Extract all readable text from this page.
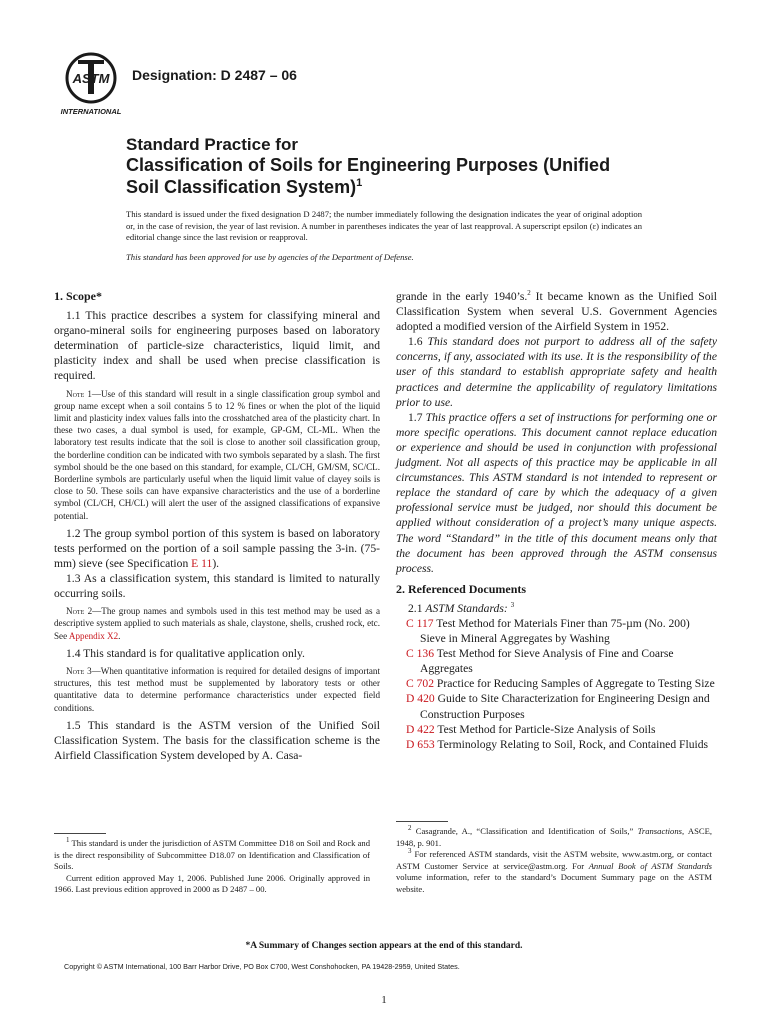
ASTM
INTERNATIONAL
Designation: D 2487 – 06
Standard Practice for
Classification of Soils for Engineering Purposes (Unified Soil Classification System)$^1$
This standard is issued under the fixed designation D 2487; the number immediately following the designation indicates the year of original adoption or, in the case of revision, the year of last revision. A number in parentheses indicates the year of last reapproval. A superscript epsilon (ε) indicates an editorial change since the last revision or reapproval.
This standard has been approved for use by agencies of the Department of Defense.
1. Scope*

1.1 This practice describes a system for classifying mineral and organo-mineral soils for engineering purposes based on laboratory determination of particle-size characteristics, liquid limit, and plasticity index and shall be used when precise classification is required.

Note 1—Use of this standard will result in a single classification group symbol and group name except when a soil contains 5 to 12 % fines or when the plot of the liquid limit and plasticity index values falls into the crosshatched area of the plasticity chart. In these two cases, a dual symbol is used, for example, GP-GM, CL-ML. When the laboratory test results indicate that the soil is close to another soil classification group, the borderline condition can be indicated with two symbols separated by a slash. The first symbol should be the one based on this standard, for example, CL/CH, GM/SM, SC/CL. Borderline symbols are particularly useful when the liquid limit value of clayey soils is close to 50. These soils can have expansive characteristics and the use of a borderline symbol (CL/CH, CH/CL) will alert the user of the assigned classifications of expansive potential.

1.2 The group symbol portion of this system is based on laboratory tests performed on the portion of a soil sample passing the 3-in. (75-mm) sieve (see Specification E 11).

1.3 As a classification system, this standard is limited to naturally occurring soils.

Note 2—The group names and symbols used in this test method may be used as a descriptive system applied to such materials as shale, claystone, shells, crushed rock, etc. See Appendix X2.

1.4 This standard is for qualitative application only.

Note 3—When quantitative information is required for detailed designs of important structures, this test method must be supplemented by laboratory tests or other quantitative data to determine performance characteristics under expected field conditions.

1.5 This standard is the ASTM version of the Unified Soil Classification System. The basis for the classification scheme is the Airfield Classification System developed by A. Casa-

grande in the early 1940’s.$^2$ It became known as the Unified Soil Classification System when several U.S. Government Agencies adopted a modified version of the Airfield System in 1952.

1.6 This standard does not purport to address all of the safety concerns, if any, associated with its use. It is the responsibility of the user of this standard to establish appropriate safety and health practices and determine the applicability of regulatory limitations prior to use.

1.7 This practice offers a set of instructions for performing one or more specific operations. This document cannot replace education or experience and should be used in conjunction with professional judgment. Not all aspects of this practice may be applicable in all circumstances. This ASTM standard is not intended to represent or replace the standard of care by which the adequacy of a given professional service must be judged, nor should this document be applied without consideration of a project’s many unique aspects. The word “Standard” in the title of this document means only that the document has been approved through the ASTM consensus process.

2. Referenced Documents

2.1 ASTM Standards: $^3$

C 117 Test Method for Materials Finer than 75-µm (No. 200) Sieve in Mineral Aggregates by Washing

C 136 Test Method for Sieve Analysis of Fine and Coarse Aggregates

C 702 Practice for Reducing Samples of Aggregate to Testing Size

D 420 Guide to Site Characterization for Engineering Design and Construction Purposes

D 422 Test Method for Particle-Size Analysis of Soils

D 653 Terminology Relating to Soil, Rock, and Contained Fluids

$^1$ This standard is under the jurisdiction of ASTM Committee D18 on Soil and Rock and is the direct responsibility of Subcommittee D18.07 on Identification and Classification of Soils.

Current edition approved May 1, 2006. Published June 2006. Originally approved in 1966. Last previous edition approved in 2000 as D 2487 – 00.

$^2$ Casagrande, A., “Classification and Identification of Soils,” Transactions, ASCE, 1948, p. 901.

$^3$ For referenced ASTM standards, visit the ASTM website, www.astm.org, or contact ASTM Customer Service at service@astm.org. For Annual Book of ASTM Standards volume information, refer to the standard’s Document Summary page on the ASTM website.

*A Summary of Changes section appears at the end of this standard.
Copyright © ASTM International, 100 Barr Harbor Drive, PO Box C700, West Conshohocken, PA 19428-2959, United States.
1
